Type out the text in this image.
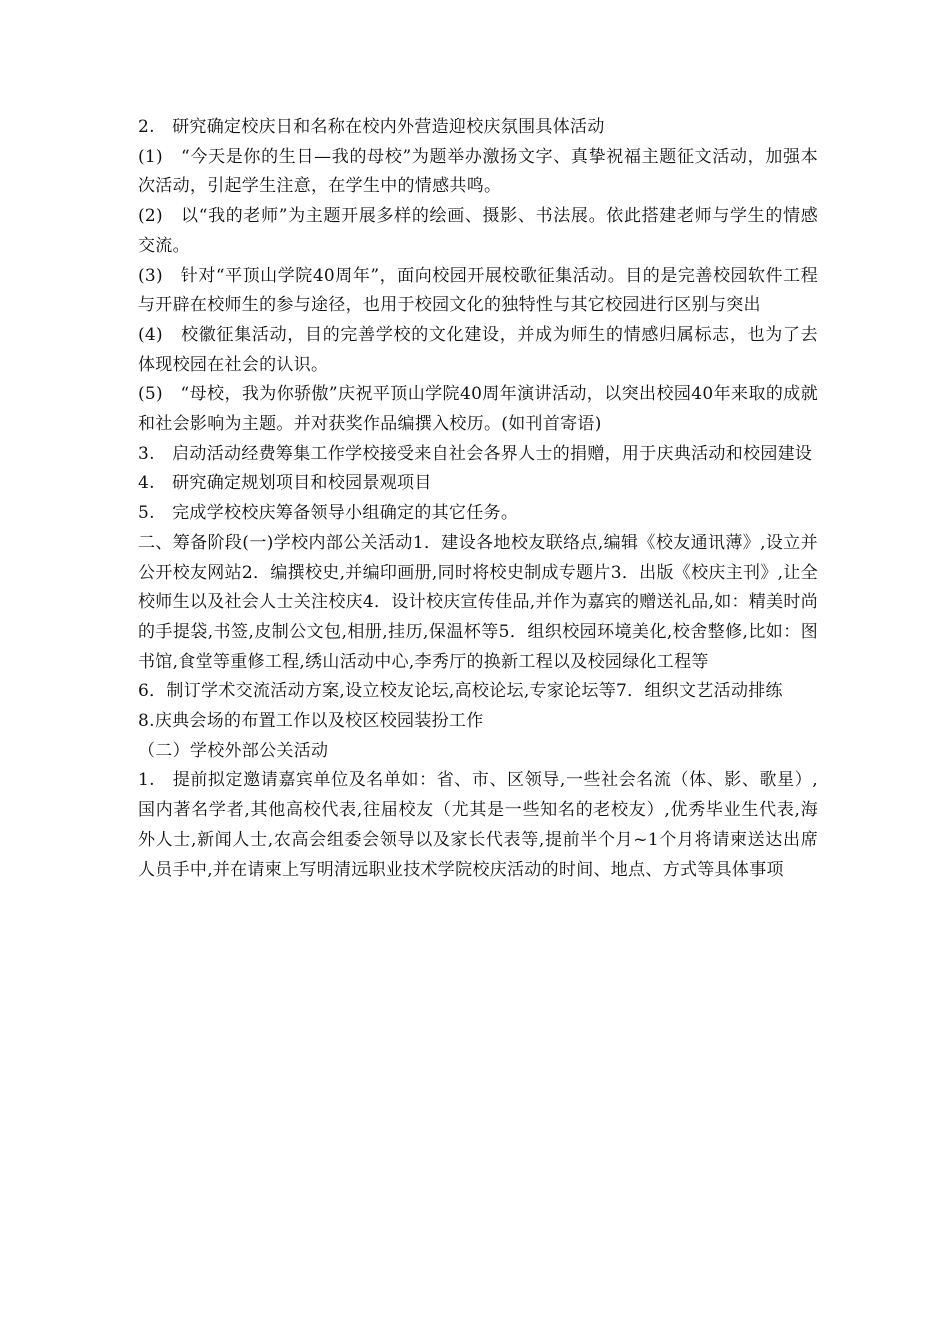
2.　研究确定校庆日和名称在校内外营造迎校庆氛围具体活动

(1)　“今天是你的生日—我的母校”为题举办激扬文字、真挚祝福主题征文活动，加强本次活动，引起学生注意，在学生中的情感共鸣。

(2)　以“我的老师”为主题开展多样的绘画、摄影、书法展。依此搭建老师与学生的情感交流。

(3)　针对“平顶山学院40周年”，面向校园开展校歌征集活动。目的是完善校园软件工程与开辟在校师生的参与途径，也用于校园文化的独特性与其它校园进行区别与突出

(4)　校徽征集活动，目的完善学校的文化建设，并成为师生的情感归属标志，也为了去体现校园在社会的认识。

(5)　“母校，我为你骄傲”庆祝平顶山学院40周年演讲活动，以突出校园40年来取的成就和社会影响为主题。并对获奖作品编撰入校历。(如刊首寄语)

3.　启动活动经费筹集工作学校接受来自社会各界人士的捐赠，用于庆典活动和校园建设

4.　研究确定规划项目和校园景观项目

5.　完成学校校庆筹备领导小组确定的其它任务。

二、筹备阶段(一)学校内部公关活动1．建设各地校友联络点,编辑《校友通讯薄》,设立并公开校友网站2．编撰校史,并编印画册,同时将校史制成专题片3．出版《校庆主刊》,让全校师生以及社会人士关注校庆4．设计校庆宣传佳品,并作为嘉宾的赠送礼品,如：精美时尚的手提袋,书签,皮制公文包,相册,挂历,保温杯等5．组织校园环境美化,校舍整修,比如：图书馆,食堂等重修工程,绣山活动中心,李秀厅的换新工程以及校园绿化工程等

6．制订学术交流活动方案,设立校友论坛,高校论坛,专家论坛等7．组织文艺活动排练

8.庆典会场的布置工作以及校区校园装扮工作

（二）学校外部公关活动

1.　提前拟定邀请嘉宾单位及名单如：省、市、区领导,一些社会名流（体、影、歌星）,国内著名学者,其他高校代表,往届校友（尤其是一些知名的老校友）,优秀毕业生代表,海外人士,新闻人士,农高会组委会领导以及家长代表等,提前半个月~1个月将请柬送达出席人员手中,并在请柬上写明清远职业技术学院校庆活动的时间、地点、方式等具体事项
